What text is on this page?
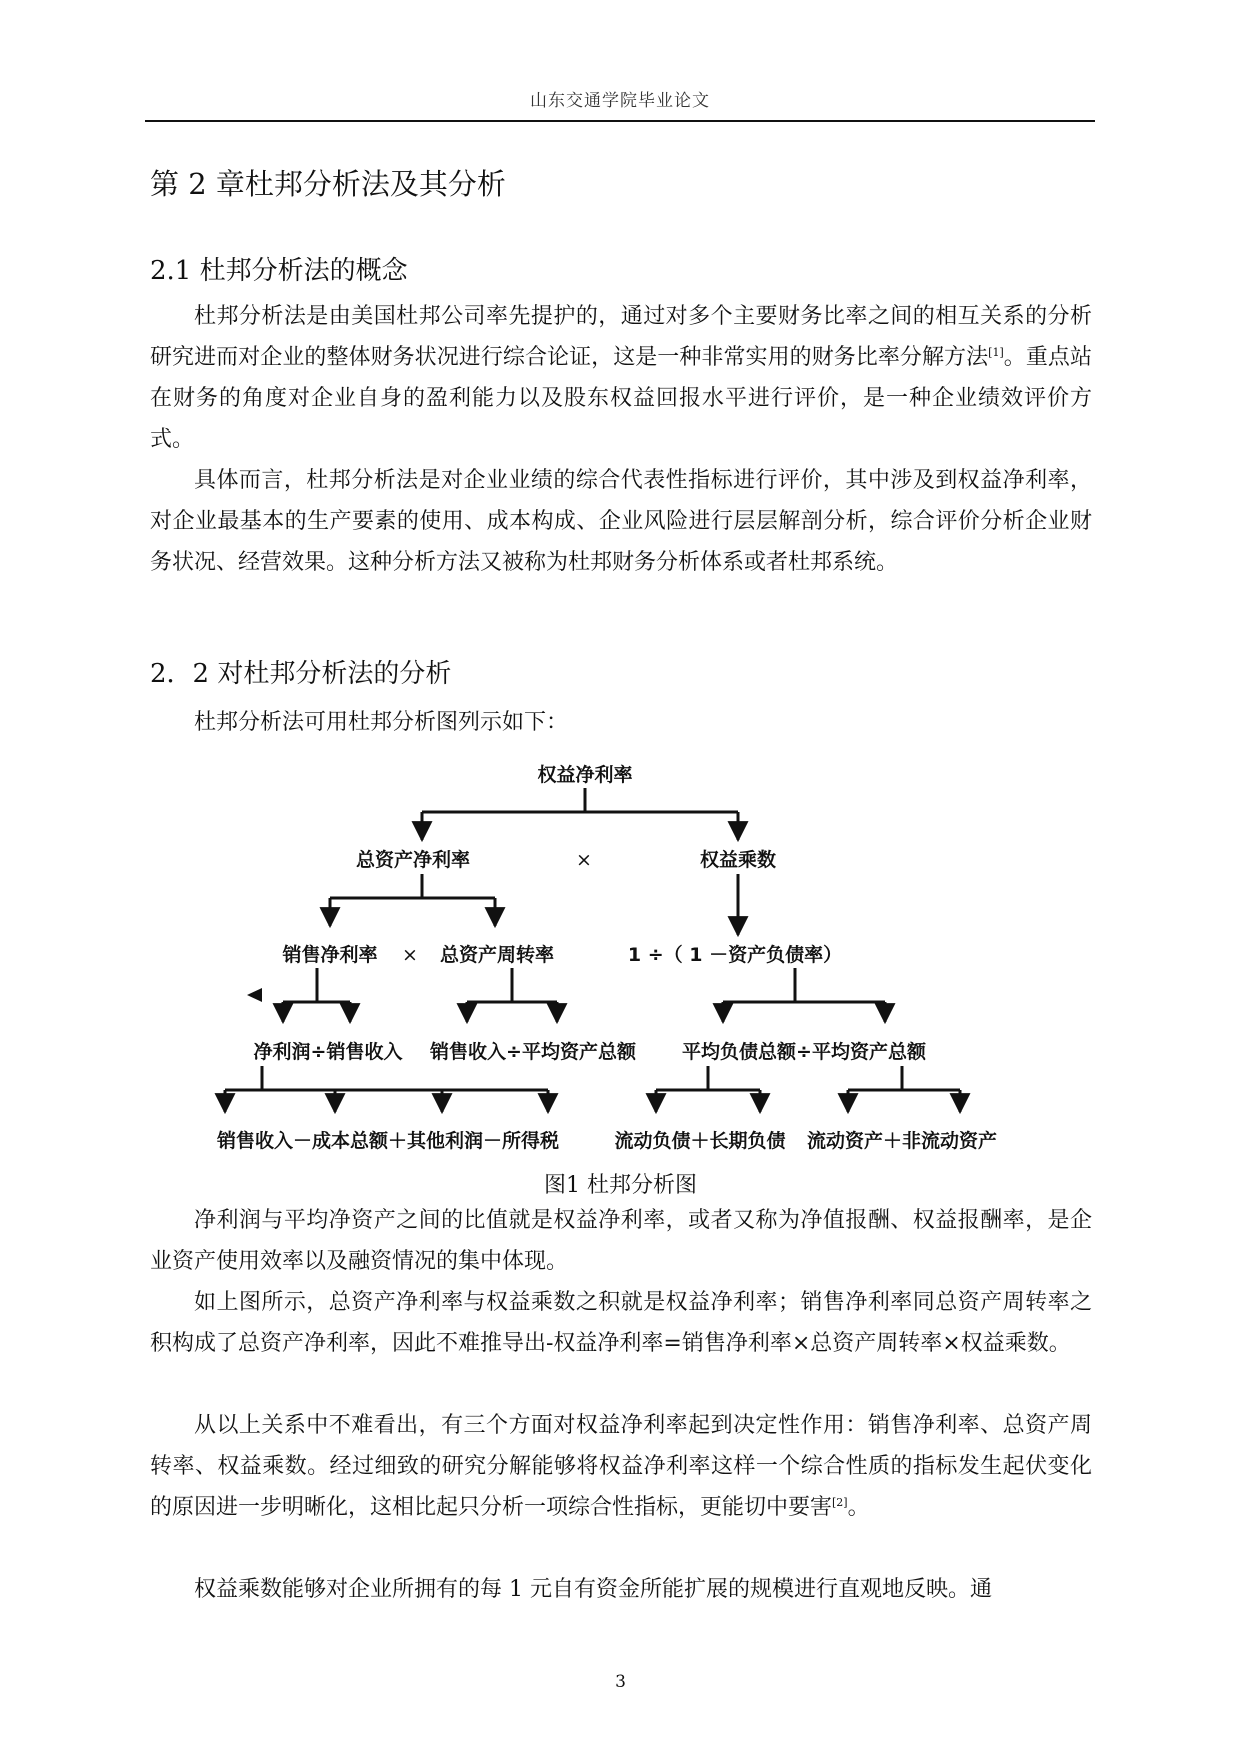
山东交通学院毕业论文
第 2 章杜邦分析法及其分析
2.1 杜邦分析法的概念

杜邦分析法是由美国杜邦公司率先提护的，通过对多个主要财务比率之间的相互关系的分析研究进而对企业的整体财务状况进行综合论证，这是一种非常实用的财务比率分解方法[1]。重点站在财务的角度对企业自身的盈利能力以及股东权益回报水平进行评价，是一种企业绩效评价方式。

具体而言，杜邦分析法是对企业业绩的综合代表性指标进行评价，其中涉及到权益净利率，对企业最基本的生产要素的使用、成本构成、企业风险进行层层解剖分析，综合评价分析企业财务状况、经营效果。这种分析方法又被称为杜邦财务分析体系或者杜邦系统。

2．2 对杜邦分析法的分析

杜邦分析法可用杜邦分析图列示如下：

权益净利率
总资产净利率	×	权益乘数
销售净利率 × 总资产周转率	1 ÷（ 1 －资产负债率）
净利润÷销售收入 销售收入÷平均资产总额 平均负债总额÷平均资产总额
销售收入－成本总额＋其他利润－所得税	流动负债＋长期负债 流动资产＋非流动资产
图1 杜邦分析图

净利润与平均净资产之间的比值就是权益净利率，或者又称为净值报酬、权益报酬率，是企业资产使用效率以及融资情况的集中体现。

如上图所示，总资产净利率与权益乘数之积就是权益净利率；销售净利率同总资产周转率之积构成了总资产净利率，因此不难推导出-权益净利率=销售净利率×总资产周转率×权益乘数。

从以上关系中不难看出，有三个方面对权益净利率起到决定性作用：销售净利率、总资产周转率、权益乘数。经过细致的研究分解能够将权益净利率这样一个综合性质的指标发生起伏变化的原因进一步明晰化，这相比起只分析一项综合性指标，更能切中要害[2]。

权益乘数能够对企业所拥有的每 1 元自有资金所能扩展的规模进行直观地反映。通

3
